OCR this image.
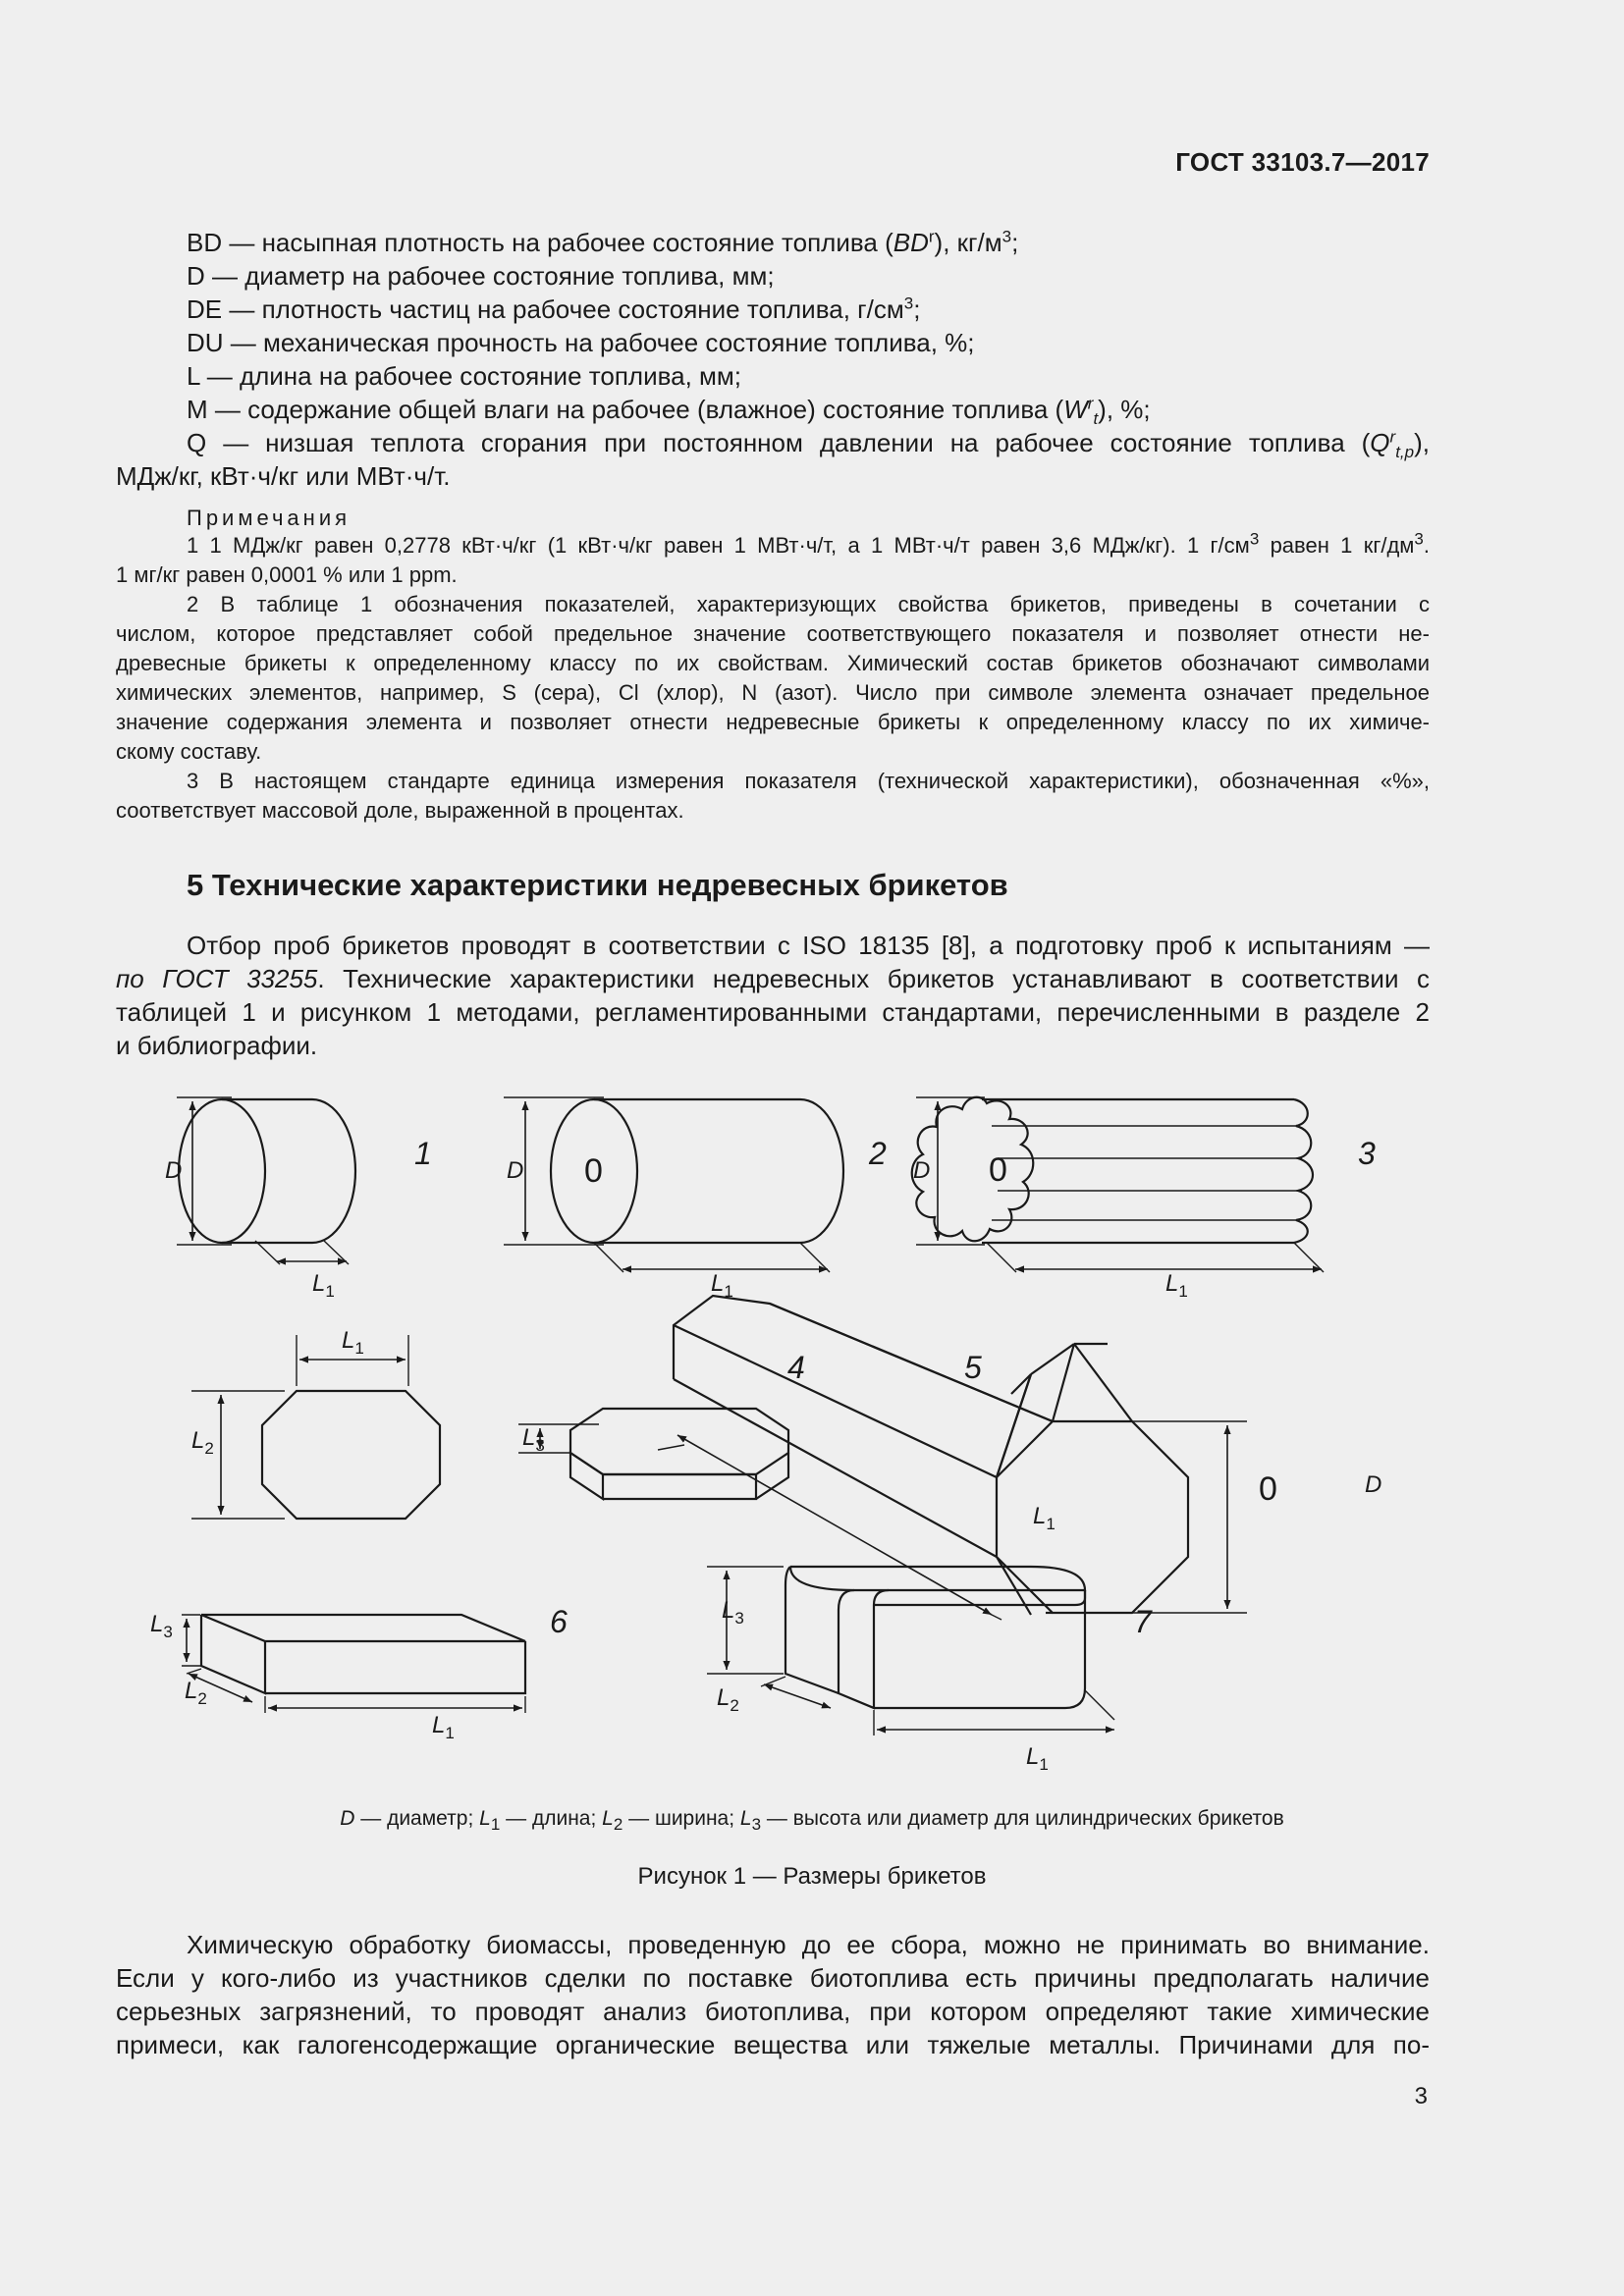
ГОСТ 33103.7—2017
BD — насыпная плотность на рабочее состояние топлива $(BD^r)$, $кг/м^3$;
D — диаметр на рабочее состояние топлива, мм;
DE — плотность частиц на рабочее состояние топлива, $г/см^3$;
DU — механическая прочность на рабочее состояние топлива, %;
L — длина на рабочее состояние топлива, мм;
M — содержание общей влаги на рабочее (влажное) состояние топлива $(W^r_t)$, %;
Q — низшая теплота сгорания при постоянном давлении на рабочее состояние топлива $(Q^r_{t,p})$,
МДж/кг, кВт·ч/кг или МВт·ч/т.
Примечания
1 1 МДж/кг равен 0,2778 кВт·ч/кг (1 кВт·ч/кг равен 1 МВт·ч/т, а 1 МВт·ч/т равен 3,6 МДж/кг). 1 $г/см^3$ равен 1 $кг/дм^3$.
1 мг/кг равен 0,0001 % или 1 ppm.
2 В таблице 1 обозначения показателей, характеризующих свойства брикетов, приведены в сочетании с
числом, которое представляет собой предельное значение соответствующего показателя и позволяет отнести не-
древесные брикеты к определенному классу по их свойствам. Химический состав брикетов обозначают символами
химических элементов, например, S (сера), Cl (хлор), N (азот). Число при символе элемента означает предельное
значение содержания элемента и позволяет отнести недревесные брикеты к определенному классу по их химиче-
скому составу.
3 В настоящем стандарте единица измерения показателя (технической характеристики), обозначенная «%»,
соответствует массовой доле, выраженной в процентах.
5 Технические характеристики недревесных брикетов
Отбор проб брикетов проводят в соответствии с ISO 18135 [8], а подготовку проб к испытаниям —
по ГОСТ 33255. Технические характеристики недревесных брикетов устанавливают в соответствии с
таблицей 1 и рисунком 1 методами, регламентированными стандартами, перечисленными в разделе 2
и библиографии.
D	1
$L_1$
D 0	2
$L_1$
D 0	3
$L_1$
$L_1$
$L_2$
4
$L_3$
5
0	D
$L_1$
$L_3$	6
$L_2$
$L_1$
$L_3$	7
$L_2$
$L_1$
D — диаметр; $L_1$ — длина; $L_2$ — ширина; $L_3$ — высота или диаметр для цилиндрических брикетов
Рисунок 1 — Размеры брикетов
Химическую обработку биомассы, проведенную до ее сбора, можно не принимать во внимание.
Если у кого-либо из участников сделки по поставке биотоплива есть причины предполагать наличие
серьезных загрязнений, то проводят анализ биотоплива, при котором определяют такие химические
примеси, как галогенсодержащие органические вещества или тяжелые металлы. Причинами для по-
3
